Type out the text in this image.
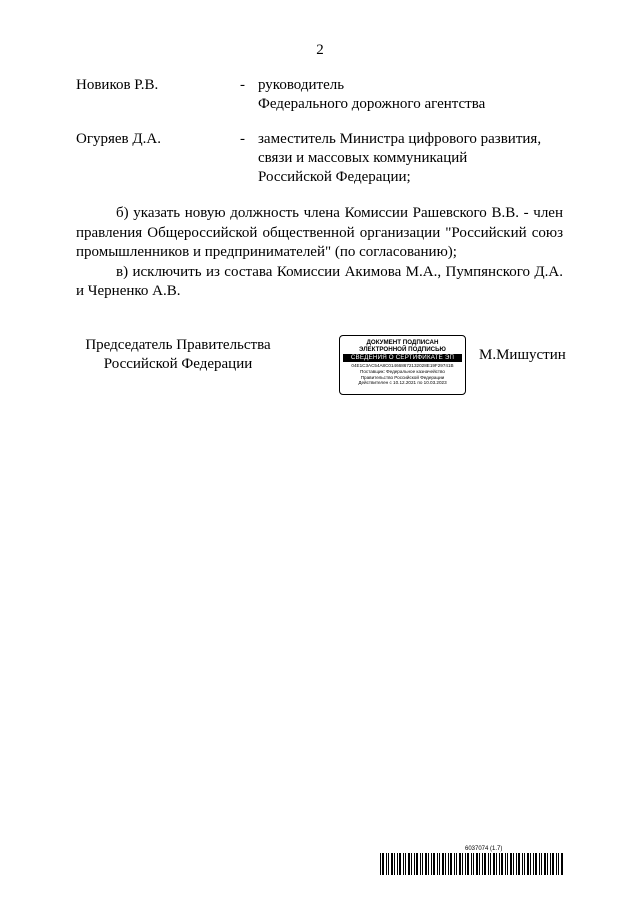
2
Новиков Р.В.	- руководитель
Федерального дорожного агентства
Огуряев Д.А.	- заместитель Министра цифрового развития,
связи и массовых коммуникаций
Российской Федерации;

б) указать новую должность члена Комиссии Рашевского В.В. - член правления Общероссийской общественной организации "Российский союз промышленников и предпринимателей" (по согласованию);

в) исключить из состава Комиссии Акимова М.А., Пумпянского Д.А. и Черненко А.В.

Председатель Правительства
Российской Федерации
ДОКУМЕНТ ПОДПИСАН
ЭЛЕКТРОННОЙ ПОДПИСЬЮ
СВЕДЕНИЯ О СЕРТИФИКАТЕ ЭП
04E1C3AC54A8C014668672132028E19F29741B
Поставщик: Федеральное казначейство
Правительство Российской Федерации
Действителен с 10.12.2021 по 10.03.2023
М.Мишустин
6037074 (1.7)
